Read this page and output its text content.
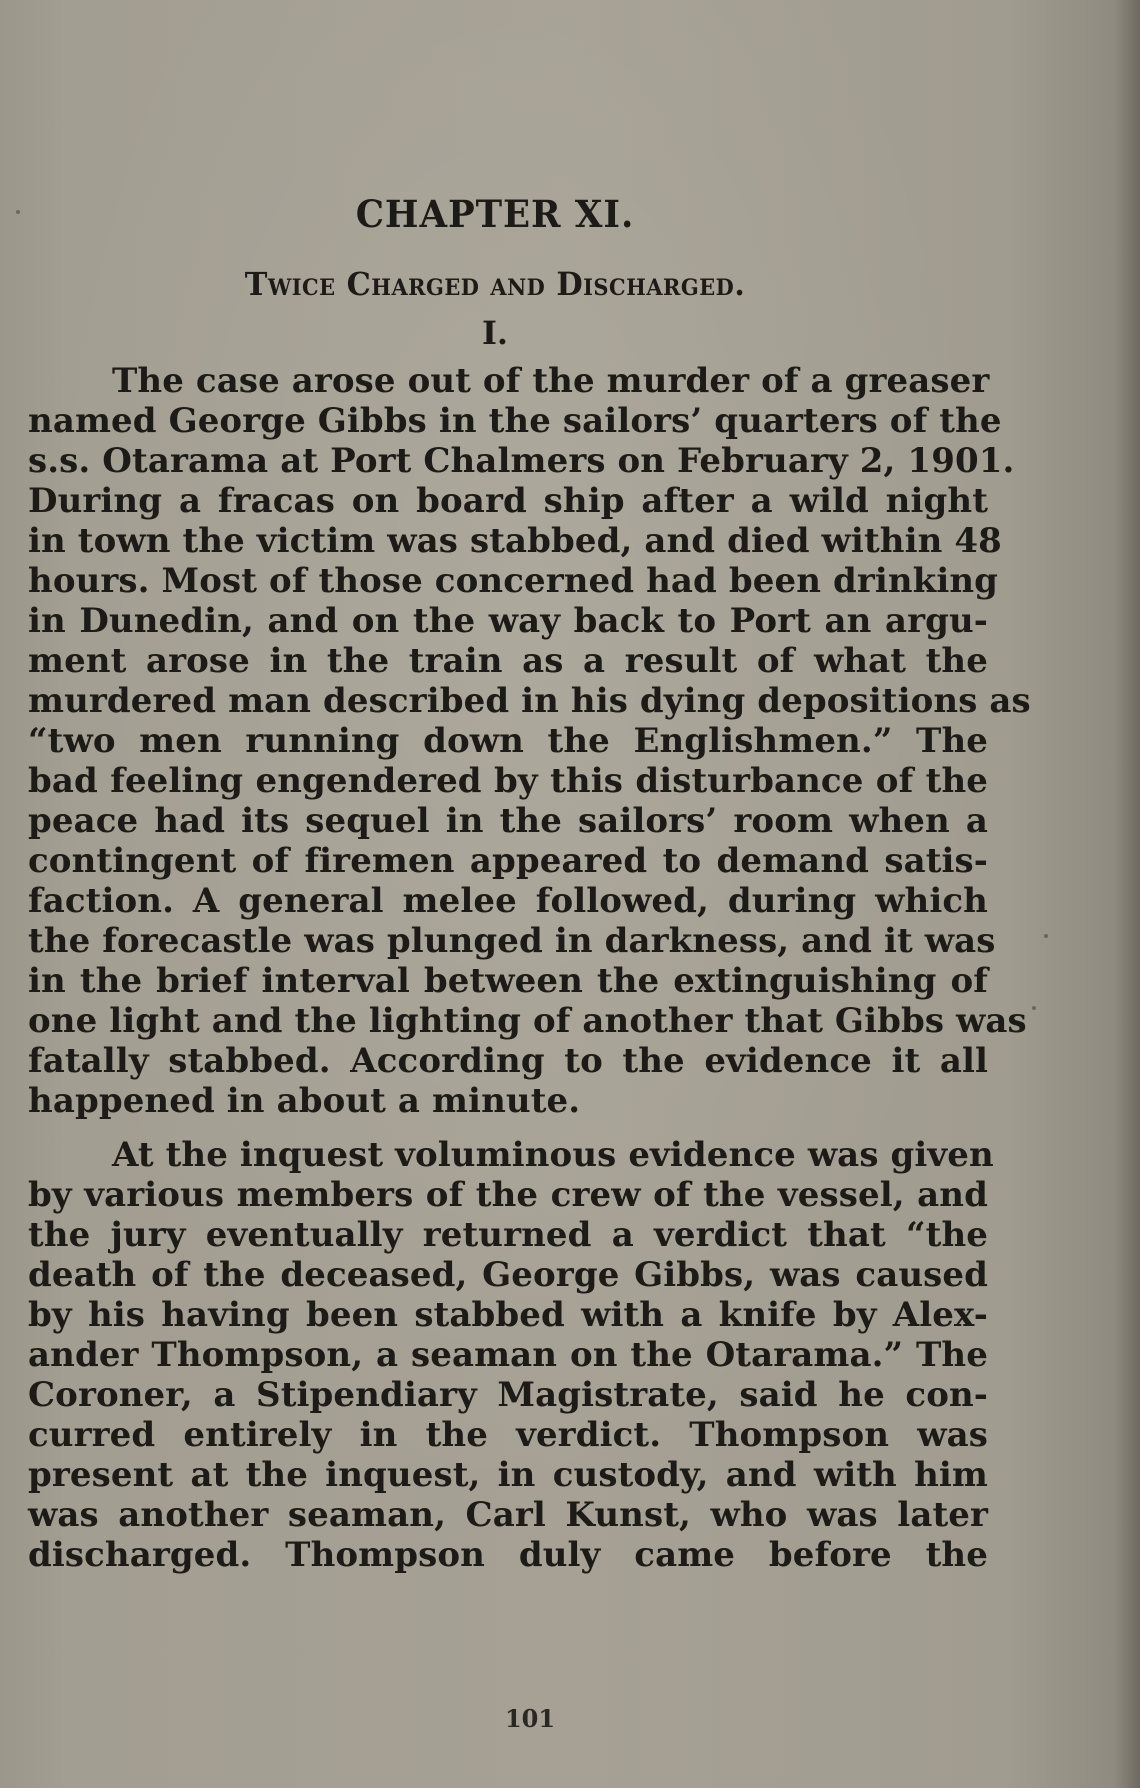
CHAPTER XI.
Twice Charged and Discharged.
I.
The case arose out of the murder of a greaser
named George Gibbs in the sailors’ quarters of the
s.s. Otarama at Port Chalmers on February 2, 1901.
During a fracas on board ship after a wild night
in town the victim was stabbed, and died within 48
hours. Most of those concerned had been drinking
in Dunedin, and on the way back to Port an argu-
ment arose in the train as a result of what the
murdered man described in his dying depositions as
“two men running down the Englishmen.” The
bad feeling engendered by this disturbance of the
peace had its sequel in the sailors’ room when a
contingent of firemen appeared to demand satis-
faction. A general melee followed, during which
the forecastle was plunged in darkness, and it was
in the brief interval between the extinguishing of
one light and the lighting of another that Gibbs was
fatally stabbed. According to the evidence it all
happened in about a minute.
At the inquest voluminous evidence was given
by various members of the crew of the vessel, and
the jury eventually returned a verdict that “the
death of the deceased, George Gibbs, was caused
by his having been stabbed with a knife by Alex-
ander Thompson, a seaman on the Otarama.” The
Coroner, a Stipendiary Magistrate, said he con-
curred entirely in the verdict. Thompson was
present at the inquest, in custody, and with him
was another seaman, Carl Kunst, who was later
discharged. Thompson duly came before the
101
